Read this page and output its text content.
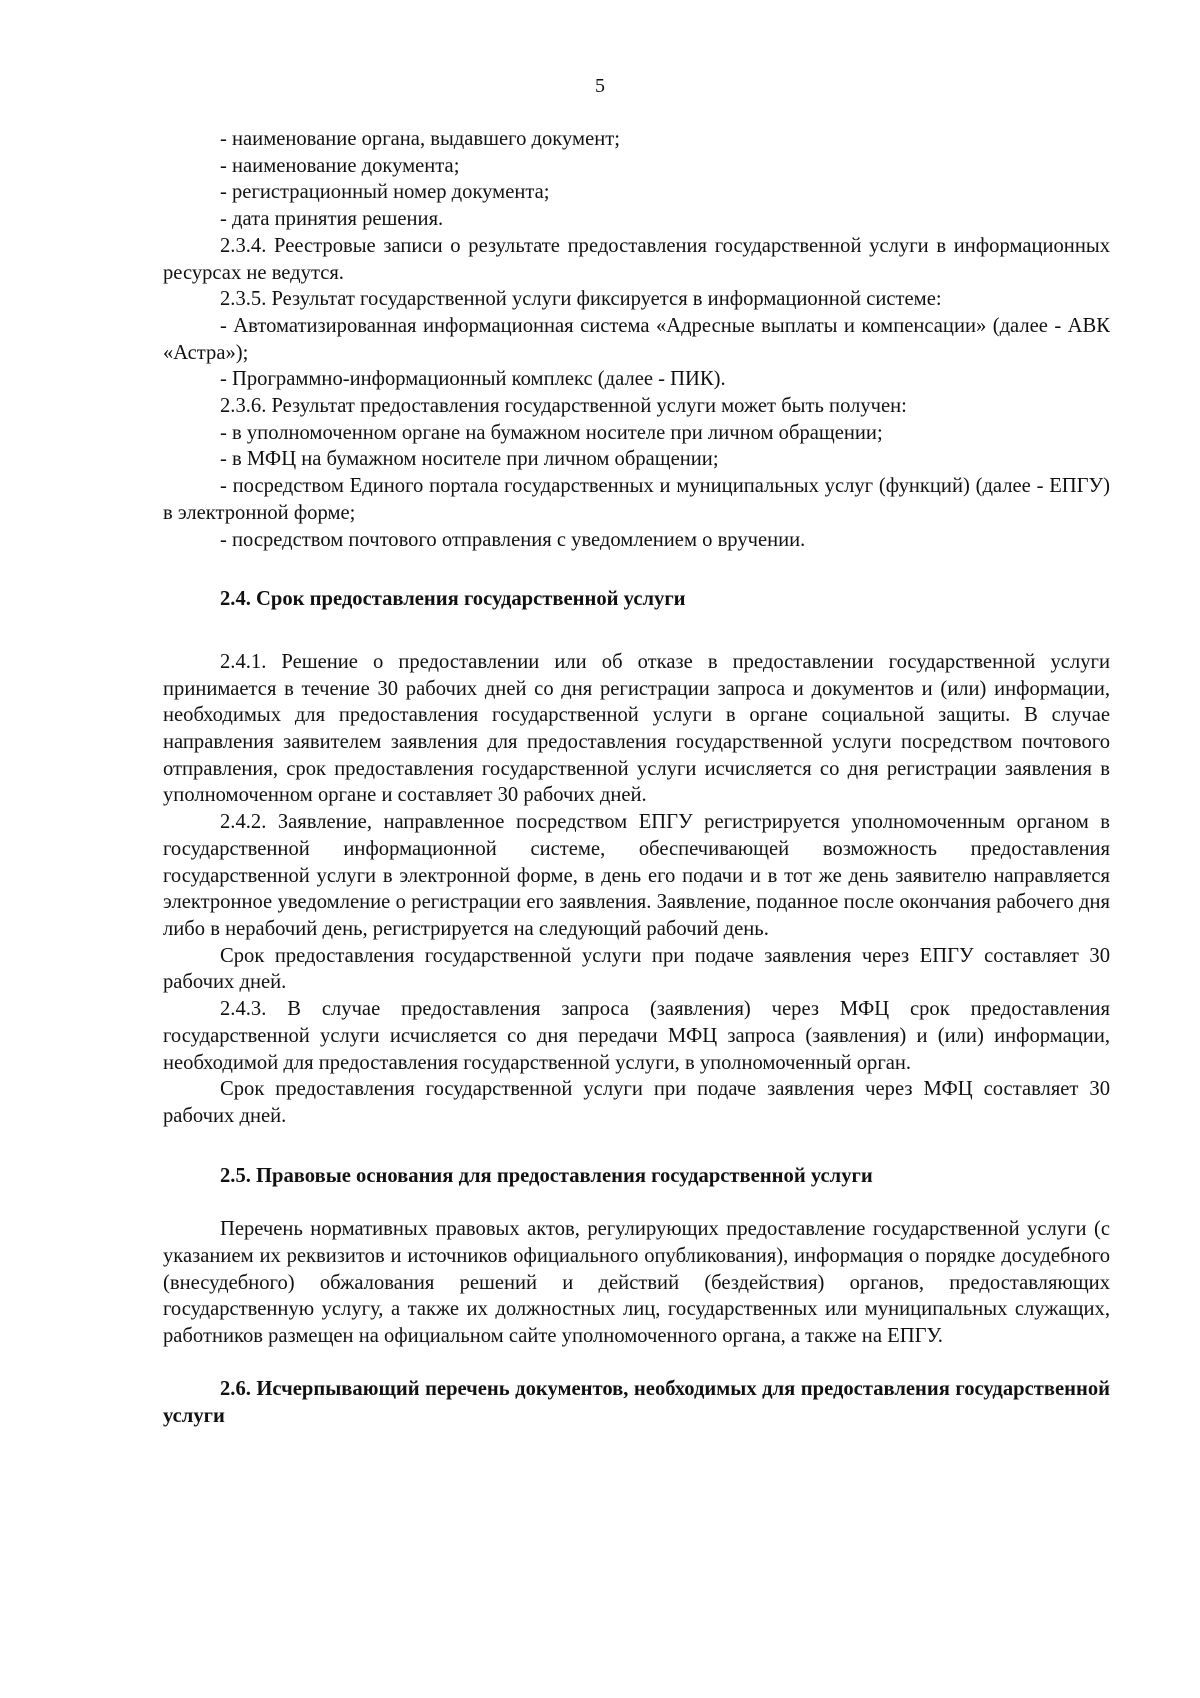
5

- наименование органа, выдавшего документ;

- наименование документа;

- регистрационный номер документа;

- дата принятия решения.

2.3.4. Реестровые записи о результате предоставления государственной услуги в информационных ресурсах не ведутся.

2.3.5. Результат государственной услуги фиксируется в информационной системе:

- Автоматизированная информационная система «Адресные выплаты и компенсации» (далее - АВК «Астра»);

- Программно-информационный комплекс (далее - ПИК).

2.3.6. Результат предоставления государственной услуги может быть получен:

- в уполномоченном органе на бумажном носителе при личном обращении;

- в МФЦ на бумажном носителе при личном обращении;

- посредством Единого портала государственных и муниципальных услуг (функций) (далее - ЕПГУ) в электронной форме;

- посредством почтового отправления с уведомлением о вручении.

2.4. Срок предоставления государственной услуги

2.4.1. Решение о предоставлении или об отказе в предоставлении государственной услуги принимается в течение 30 рабочих дней со дня регистрации запроса и документов и (или) информации, необходимых для предоставления государственной услуги в органе социальной защиты. В случае направления заявителем заявления для предоставления государственной услуги посредством почтового отправления, срок предоставления государственной услуги исчисляется со дня регистрации заявления в уполномоченном органе и составляет 30 рабочих дней.

2.4.2. Заявление, направленное посредством ЕПГУ регистрируется уполномоченным органом в государственной информационной системе, обеспечивающей возможность предоставления государственной услуги в электронной форме, в день его подачи и в тот же день заявителю направляется электронное уведомление о регистрации его заявления. Заявление, поданное после окончания рабочего дня либо в нерабочий день, регистрируется на следующий рабочий день.

Срок предоставления государственной услуги при подаче заявления через ЕПГУ составляет 30 рабочих дней.

2.4.3. В случае предоставления запроса (заявления) через МФЦ срок предоставления государственной услуги исчисляется со дня передачи МФЦ запроса (заявления) и (или) информации, необходимой для предоставления государственной услуги, в уполномоченный орган.

Срок предоставления государственной услуги при подаче заявления через МФЦ составляет 30 рабочих дней.

2.5. Правовые основания для предоставления государственной услуги

Перечень нормативных правовых актов, регулирующих предоставление государственной услуги (с указанием их реквизитов и источников официального опубликования), информация о порядке досудебного (внесудебного) обжалования решений и действий (бездействия) органов, предоставляющих государственную услугу, а также их должностных лиц, государственных или муниципальных служащих, работников размещен на официальном сайте уполномоченного органа, а также на ЕПГУ.

2.6. Исчерпывающий перечень документов, необходимых для предоставления государственной услуги
